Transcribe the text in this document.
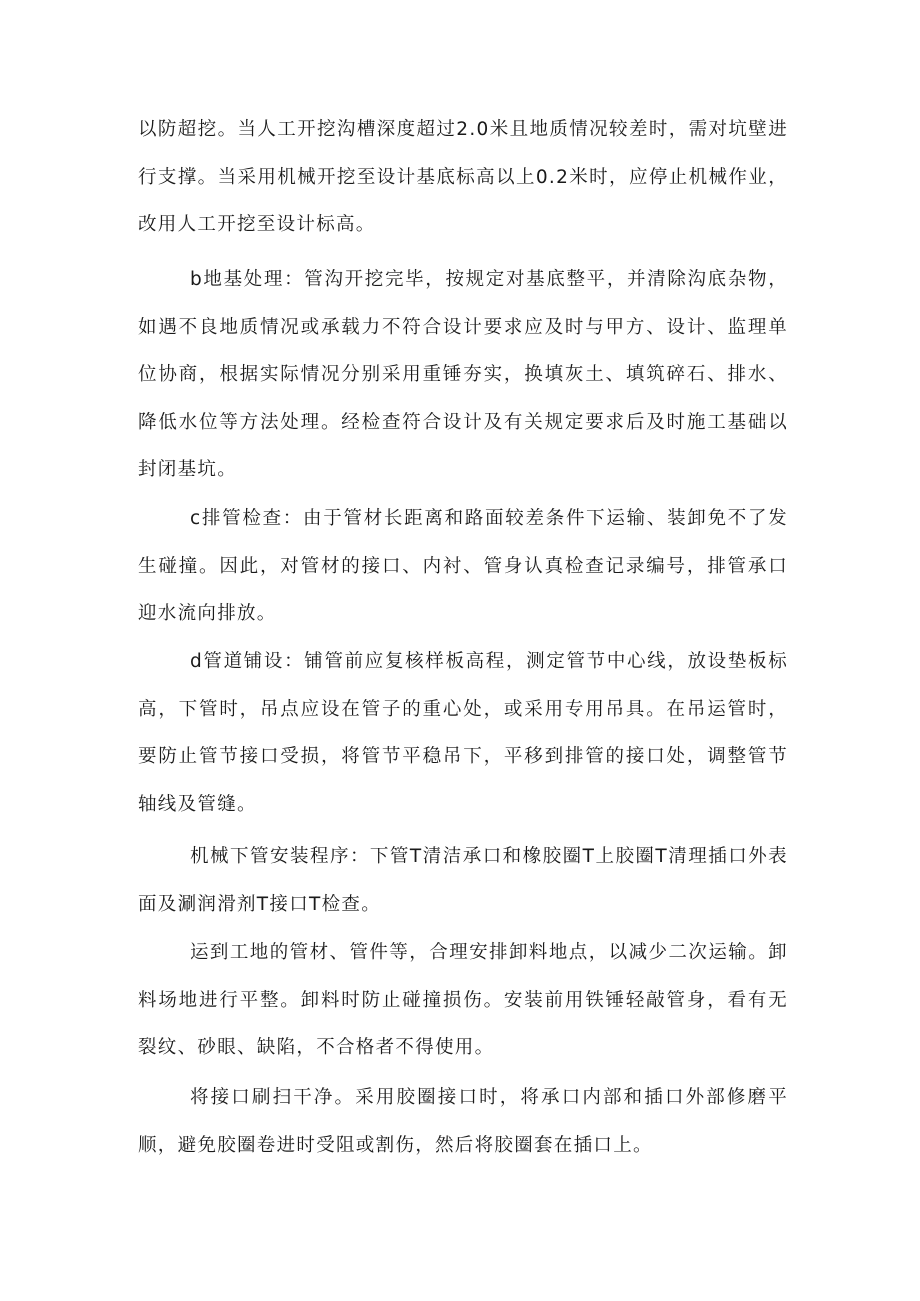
以防超挖。当人工开挖沟槽深度超过2.0米且地质情况较差时，需对坑壁进行支撑。当采用机械开挖至设计基底标高以上0.2米时，应停止机械作业，改用人工开挖至设计标高。

b地基处理：管沟开挖完毕，按规定对基底整平，并清除沟底杂物，如遇不良地质情况或承载力不符合设计要求应及时与甲方、设计、监理单位协商，根据实际情况分别采用重锤夯实，换填灰土、填筑碎石、排水、降低水位等方法处理。经检查符合设计及有关规定要求后及时施工基础以封闭基坑。

c排管检查：由于管材长距离和路面较差条件下运输、装卸免不了发生碰撞。因此，对管材的接口、内衬、管身认真检查记录编号，排管承口迎水流向排放。

d管道铺设：铺管前应复核样板高程，测定管节中心线，放设垫板标高，下管时，吊点应设在管子的重心处，或采用专用吊具。在吊运管时，要防止管节接口受损，将管节平稳吊下，平移到排管的接口处，调整管节轴线及管缝。

机械下管安装程序：下管T清洁承口和橡胶圈T上胶圈T清理插口外表面及涮润滑剂T接口T检查。

运到工地的管材、管件等，合理安排卸料地点，以减少二次运输。卸料场地进行平整。卸料时防止碰撞损伤。安装前用铁锤轻敲管身，看有无裂纹、砂眼、缺陷，不合格者不得使用。

将接口刷扫干净。采用胶圈接口时，将承口内部和插口外部修磨平顺，避免胶圈卷进时受阻或割伤，然后将胶圈套在插口上。
